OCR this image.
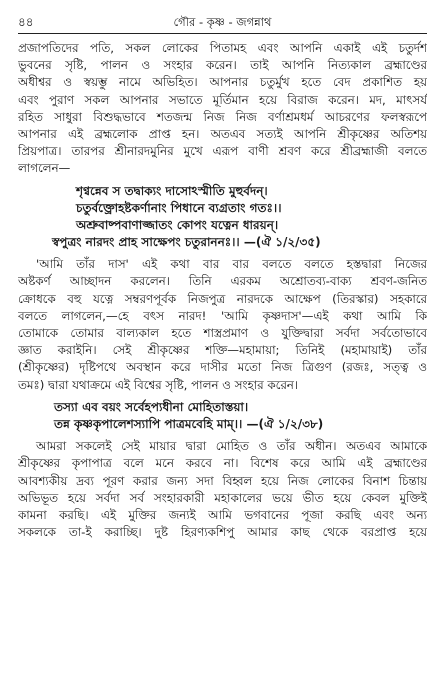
৪৪	গৌর - কৃষ্ণ - জগন্নাথ
প্রজাপতিদের পতি, সকল লোকের পিতামহ এবং আপনি একাই এই চতুর্দশ
ভুবনের সৃষ্টি, পালন ও সংহার করেন। তাই আপনি নিত্যকাল ব্রহ্মাণ্ডের
অধীশ্বর ও স্বয়ম্ভু নামে অভিহিত। আপনার চতুর্মুখ হতে বেদ প্রকাশিত হয়
এবং পুরাণ সকল আপনার সভাতে মূর্তিমান হয়ে বিরাজ করেন। মদ, মাৎসর্য
রহিত সাধুরা বিশুদ্ধভাবে শতজন্ম নিজ নিজ বর্ণাশ্রমধর্ম আচরণের ফলস্বরূপে
আপনার এই ব্রহ্মলোক প্রাপ্ত হন। অতএব সত্যই আপনি শ্রীকৃষ্ণের অতিশয়
প্রিয়পাত্র। তারপর শ্রীনারদমুনির মুখে এরূপ বাণী শ্রবণ করে শ্রীব্রহ্মাজী বলতে
লাগলেন—
শৃণ্বন্নেব স তদ্বাক্যং দাসোঽস্মীতি মুহুর্বদন্।
চতুর্বক্ত্রোহষ্টকর্ণানাং পিধানে ব্যগ্রতাং গতঃ।।
অশ্রুবাষ্পবাণাজ্জাতং কোপং যত্নেন ধারয়ন্।
স্বপুত্রং নারদং প্রাহ সাক্ষেপং চতুরাননঃ।। —(ঐ ১/২/৩৫)
'আমি তাঁর দাস' এই কথা বার বার বলতে বলতে হস্তদ্বারা নিজের
অষ্টকর্ণ আচ্ছাদন করলেন। তিনি এরকম অশ্রোতব্য-বাক্য শ্রবণ-জনিত
ক্রোধকে বহু যত্নে সম্বরণপূর্বক নিজপুত্র নারদকে আক্ষেপ (তিরস্কার) সহকারে
বলতে লাগলেন,—হে বৎস নারদ! 'আমি কৃষ্ণদাস'—এই কথা আমি কি
তোমাকে তোমার বাল্যকাল হতে শাস্ত্রপ্রমাণ ও যুক্তিদ্বারা সর্বদা সর্বতোভাবে
জ্ঞাত করাইনি। সেই শ্রীকৃষ্ণের শক্তি—মহামায়া; তিনিই (মহামায়াই) তাঁর
(শ্রীকৃষ্ণের) দৃষ্টিপথে অবস্থান করে দাসীর মতো নিজ ত্রিগুণ (রজঃ, সত্ত্ব ও
তমঃ) দ্বারা যথাক্রমে এই বিশ্বের সৃষ্টি, পালন ও সংহার করেন।
তস্যা এব বয়ং সর্বেহপ্যধীনা মোহিতাস্তয়া।
তন্ন কৃষ্ণকৃপালেশস্যাপি পাত্রমবেহি মাম্।। —(ঐ ১/২/৩৮)
আমরা সকলেই সেই মায়ার দ্বারা মোহিত ও তাঁর অধীন। অতএব আমাকে
শ্রীকৃষ্ণের কৃপাপাত্র বলে মনে করবে না। বিশেষ করে আমি এই ব্রহ্মাণ্ডের
আবশ্যকীয় দ্রব্য পূরণ করার জন্য সদা বিহ্বল হয়ে নিজ লোকের বিনাশ চিন্তায়
অভিভূত হয়ে সর্বদা সর্ব সংহারকারী মহাকালের ভয়ে ভীত হয়ে কেবল মুক্তিই
কামনা করছি। এই মুক্তির জন্যই আমি ভগবানের পূজা করছি এবং অন্য
সকলকে তা-ই করাচ্ছি। দুষ্ট হিরণ্যকশিপু আমার কাছ থেকে বরপ্রাপ্ত হয়ে
